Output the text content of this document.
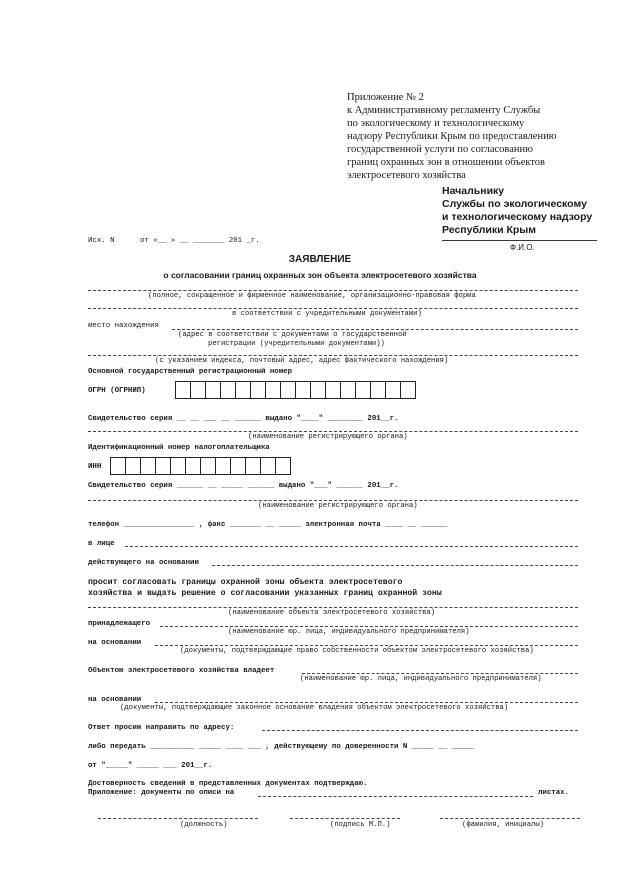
Приложение № 2
к Административному регламенту Службы
по экологическому и технологическому
надзору Республики Крым по предоставлению
государственной услуги по согласованию
границ охранных зон в отношении объектов
электросетевого хозяйства
Начальнику
Службы по экологическому
и технологическому надзору
Республики Крым
Ф.И.О.
Исх. N	от «__ » __ _______ 201 _г.
ЗАЯВЛЕНИЕ
о согласовании границ охранных зон объекта электросетевого хозяйства
(полное, сокращенное и фирменное наименование, организационно-правовая форма
в соответствии с учредительными документами)
место нахождения
(адрес в соответствии с документами о государственной
регистрации (учредительными документами))
(с указанием индекса, почтовый адрес, адрес фактического нахождения)
Основной государственный регистрационный номер
ОГРН (ОГРНИП)
Свидетельство серия __ __ ___ __ ______ выдано "____" ________ 201__г.
(наименование регистрирующего органа)
Идентификационный номер налогоплательщика
ИНН
Свидетельство серия ______ __ _____ ______ выдано "___" ______ 201__г.
(наименование регистрирующего органа)
телефон ________________ , факс _______ __ _____ электронная почта ____ __ ______
в лице
действующего на основании
просит согласовать границы охранной зоны объекта электросетевого
хозяйства и выдать решение о согласовании указанных границ охранной зоны
(наименование объекта электросетевого хозяйства)
принадлежащего
(наименование юр. лица, индивидуального предпринимателя)
на основании
(документы, подтверждающие право собственности объектом электросетевого хозяйства)
Объектом электросетевого хозяйства владеет
(наименование юр. лица, индивидуального предпринимателя)
на основании
(документы, подтверждающие законное основание владения объектом электросетевого хозяйства)
Ответ просим направить по адресу:
либо передать __________ _____ ____ ___ , действующему по доверенности N _____ __ _____
от "_____" _____ ___ 201__г.
Достоверность сведений в представленных документах подтверждаю.
Приложение: документы по описи на	листах.
(должность)	(подпись М.П.)	(фамилия, инициалы)
